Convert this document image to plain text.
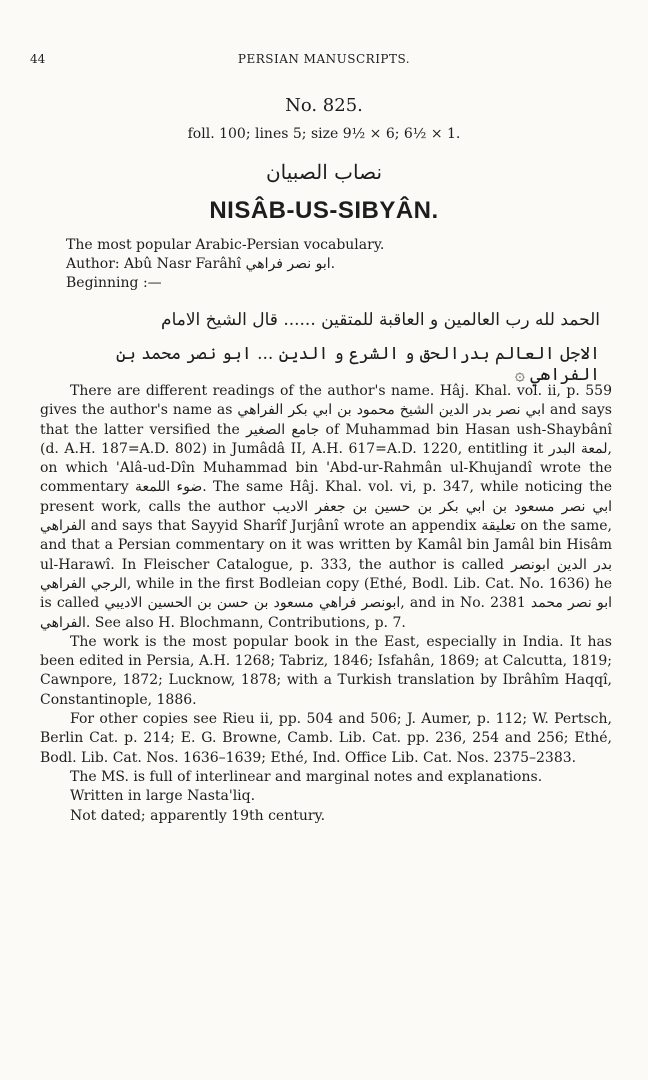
44	PERSIAN MANUSCRIPTS.
No. 825.
foll. 100; lines 5; size 9½ × 6; 6½ × 1.
نصاب الصبيان
NISÂB-US-SIBYÂN.
The most popular Arabic-Persian vocabulary.
Author: Abû Nasr Farâhî ابو نصر فراهي.
Beginning :—
الحمد لله رب العالمين و العاقبة للمتقين ...... قال الشيخ الامام
الاجل العالم بدرالحق و الشرع و الدين ... ابو نصر محمد بن الفراهي ۞

There are different readings of the author's name. Hâj. Khal. vol. ii, p. 559 gives the author's name as ابي نصر بدر الدين الشيخ محمود بن ابي بكر الفراهي and says that the latter versified the جامع الصغير of Muhammad bin Hasan ush-Shaybânî (d. A.H. 187=A.D. 802) in Jumâdâ II, A.H. 617=A.D. 1220, entitling it لمعة البدر, on which 'Alâ-ud-Dîn Muhammad bin 'Abd-ur-Rahmân ul-Khujandî wrote the commentary ضوء اللمعة. The same Hâj. Khal. vol. vi, p. 347, while noticing the present work, calls the author ابي نصر مسعود بن ابي بكر بن حسين بن جعفر الاديب الفراهي and says that Sayyid Sharîf Jurjânî wrote an appendix تعليقة on the same, and that a Persian commentary on it was written by Kamâl bin Jamâl bin Hisâm ul-Harawî. In Fleischer Catalogue, p. 333, the author is called بدر الدين ابونصر الرجي الفراهي, while in the first Bodleian copy (Ethé, Bodl. Lib. Cat. No. 1636) he is called ابونصر فراهي مسعود بن حسن بن الحسين الاديبي, and in No. 2381 ابو نصر محمد الفراهي. See also H. Blochmann, Contributions, p. 7.

The work is the most popular book in the East, especially in India. It has been edited in Persia, A.H. 1268; Tabriz, 1846; Isfahân, 1869; at Calcutta, 1819; Cawnpore, 1872; Lucknow, 1878; with a Turkish translation by Ibrâhîm Haqqî, Constantinople, 1886.

For other copies see Rieu ii, pp. 504 and 506; J. Aumer, p. 112; W. Pertsch, Berlin Cat. p. 214; E. G. Browne, Camb. Lib. Cat. pp. 236, 254 and 256; Ethé, Bodl. Lib. Cat. Nos. 1636–1639; Ethé, Ind. Office Lib. Cat. Nos. 2375–2383.

The MS. is full of interlinear and marginal notes and explanations.

Written in large Nasta'liq.

Not dated; apparently 19th century.
